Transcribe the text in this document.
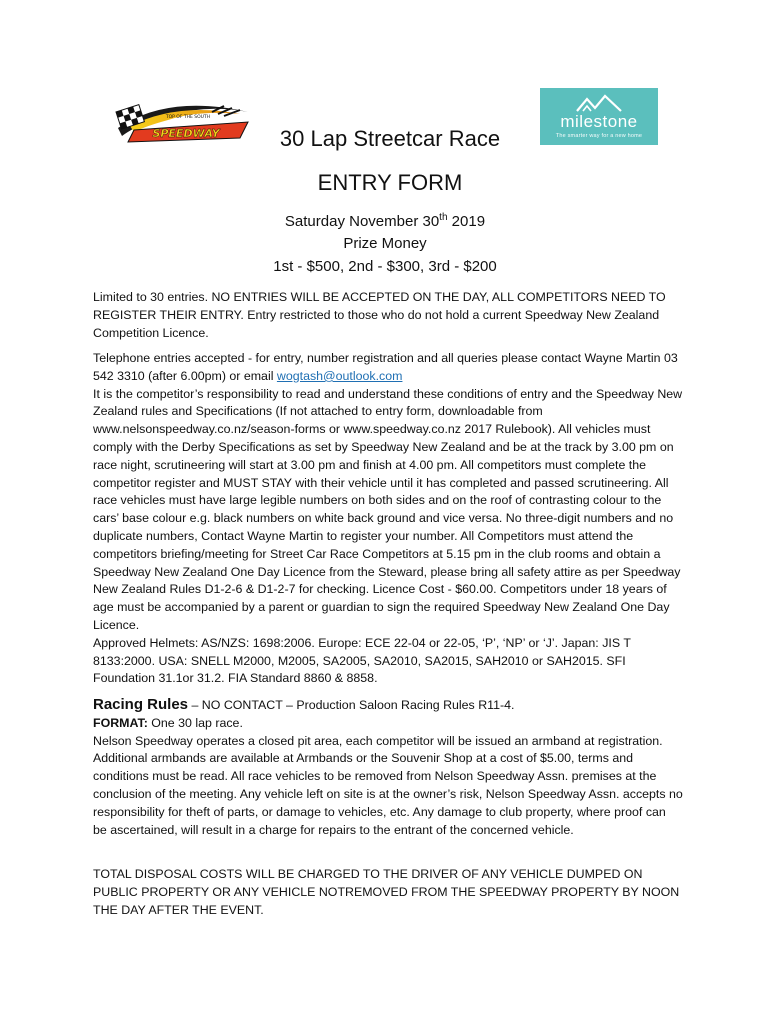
SPEEDWAY
TOP OF THE SOUTH	milestone
The smarter way for a new home
30 Lap Streetcar Race
ENTRY FORM
Saturday November 30th 2019
Prize Money
1st - $500, 2nd - $300, 3rd - $200

Limited to 30 entries. NO ENTRIES WILL BE ACCEPTED ON THE DAY, ALL COMPETITORS NEED TO REGISTER THEIR ENTRY. Entry restricted to those who do not hold a current Speedway New Zealand Competition Licence.

Telephone entries accepted - for entry, number registration and all queries please contact Wayne Martin 03 542 3310 (after 6.00pm) or email wogtash@outlook.com
It is the competitor’s responsibility to read and understand these conditions of entry and the Speedway New Zealand rules and Specifications (If not attached to entry form, downloadable from www.nelsonspeedway.co.nz/season-forms or www.speedway.co.nz 2017 Rulebook). All vehicles must comply with the Derby Specifications as set by Speedway New Zealand and be at the track by 3.00 pm on race night, scrutineering will start at 3.00 pm and finish at 4.00 pm. All competitors must complete the competitor register and MUST STAY with their vehicle until it has completed and passed scrutineering. All race vehicles must have large legible numbers on both sides and on the roof of contrasting colour to the cars’ base colour e.g. black numbers on white back ground and vice versa. No three-digit numbers and no duplicate numbers, Contact Wayne Martin to register your number. All Competitors must attend the competitors briefing/meeting for Street Car Race Competitors at 5.15 pm in the club rooms and obtain a Speedway New Zealand One Day Licence from the Steward, please bring all safety attire as per Speedway New Zealand Rules D1-2-6 & D1-2-7 for checking. Licence Cost - $60.00. Competitors under 18 years of age must be accompanied by a parent or guardian to sign the required Speedway New Zealand One Day Licence.
Approved Helmets: AS/NZS: 1698:2006. Europe: ECE 22-04 or 22-05, ‘P’, ‘NP’ or ‘J’. Japan: JIS T 8133:2000. USA: SNELL M2000, M2005, SA2005, SA2010, SA2015, SAH2010 or SAH2015. SFI Foundation 31.1or 31.2. FIA Standard 8860 & 8858.

Racing Rules – NO CONTACT – Production Saloon Racing Rules R11-4.
FORMAT: One 30 lap race.
Nelson Speedway operates a closed pit area, each competitor will be issued an armband at registration. Additional armbands are available at Armbands or the Souvenir Shop at a cost of $5.00, terms and conditions must be read. All race vehicles to be removed from Nelson Speedway Assn. premises at the conclusion of the meeting. Any vehicle left on site is at the owner’s risk, Nelson Speedway Assn. accepts no responsibility for theft of parts, or damage to vehicles, etc. Any damage to club property, where proof can be ascertained, will result in a charge for repairs to the entrant of the concerned vehicle.

TOTAL DISPOSAL COSTS WILL BE CHARGED TO THE DRIVER OF ANY VEHICLE DUMPED ON PUBLIC PROPERTY OR ANY VEHICLE NOTREMOVED FROM THE SPEEDWAY PROPERTY BY NOON THE DAY AFTER THE EVENT.
